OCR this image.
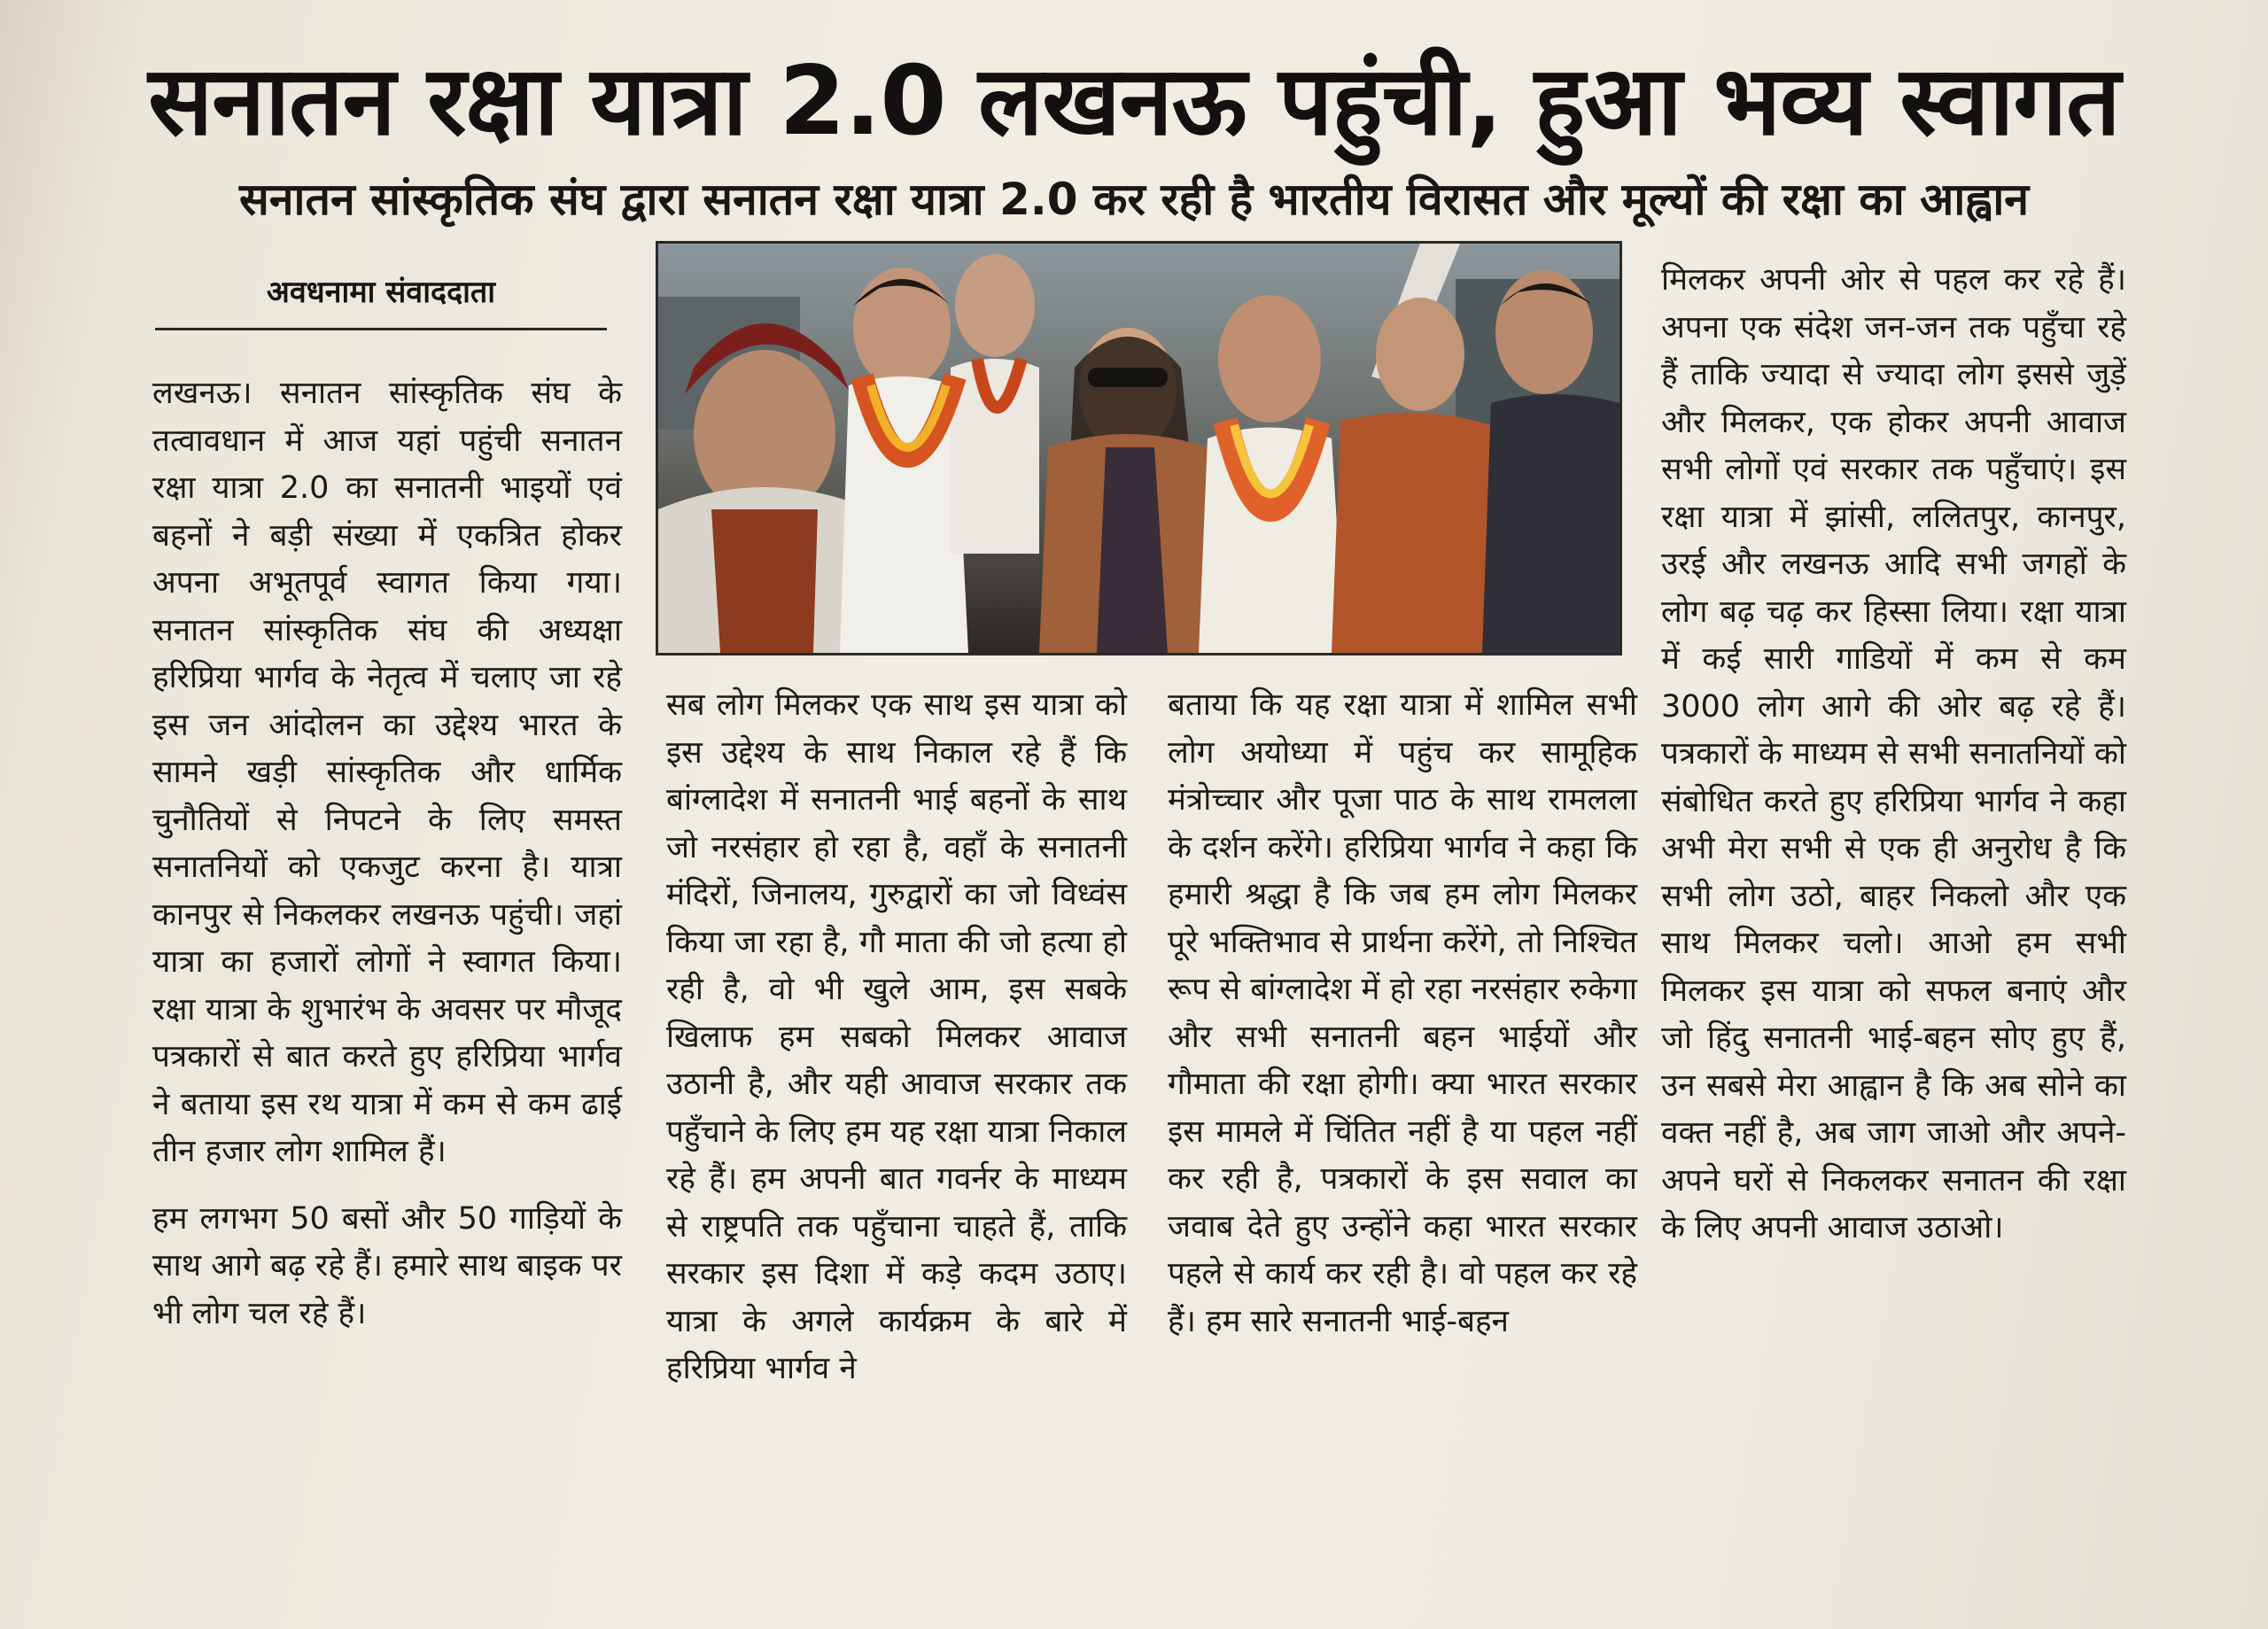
सनातन रक्षा यात्रा 2.0 लखनऊ पहुंची, हुआ भव्य स्वागत
सनातन सांस्कृतिक संघ द्वारा सनातन रक्षा यात्रा 2.0 कर रही है भारतीय विरासत और मूल्यों की रक्षा का आह्वान
अवधनामा संवाददाता

लखनऊ। सनातन सांस्कृतिक संघ के तत्वावधान में आज यहां पहुंची सनातन रक्षा यात्रा 2.0 का सनातनी भाइयों एवं बहनों ने बड़ी संख्या में एकत्रित होकर अपना अभूतपूर्व स्वागत किया गया। सनातन सांस्कृतिक संघ की अध्यक्षा हरिप्रिया भार्गव के नेतृत्व में चलाए जा रहे इस जन आंदोलन का उद्देश्य भारत के सामने खड़ी सांस्कृतिक और धार्मिक चुनौतियों से निपटने के लिए समस्त सनातनियों को एकजुट करना है। यात्रा कानपुर से निकलकर लखनऊ पहुंची। जहां यात्रा का हजारों लोगों ने स्वागत किया। रक्षा यात्रा के शुभारंभ के अवसर पर मौजूद पत्रकारों से बात करते हुए हरिप्रिया भार्गव ने बताया इस रथ यात्रा में कम से कम ढाई तीन हजार लोग शामिल हैं।

हम लगभग 50 बसों और 50 गाड़ियों के साथ आगे बढ़ रहे हैं। हमारे साथ बाइक पर भी लोग चल रहे हैं।

सब लोग मिलकर एक साथ इस यात्रा को इस उद्देश्य के साथ निकाल रहे हैं कि बांग्लादेश में सनातनी भाई बहनों के साथ जो नरसंहार हो रहा है, वहाँ के सनातनी मंदिरों, जिनालय, गुरुद्वारों का जो विध्वंस किया जा रहा है, गौ माता की जो हत्या हो रही है, वो भी खुले आम, इस सबके खिलाफ हम सबको मिलकर आवाज उठानी है, और यही आवाज सरकार तक पहुँचाने के लिए हम यह रक्षा यात्रा निकाल रहे हैं। हम अपनी बात गवर्नर के माध्यम से राष्ट्रपति तक पहुँचाना चाहते हैं, ताकि सरकार इस दिशा में कड़े कदम उठाए। यात्रा के अगले कार्यक्रम के बारे में हरिप्रिया भार्गव ने

बताया कि यह रक्षा यात्रा में शामिल सभी लोग अयोध्या में पहुंच कर सामूहिक मंत्रोच्चार और पूजा पाठ के साथ रामलला के दर्शन करेंगे। हरिप्रिया भार्गव ने कहा कि हमारी श्रद्धा है कि जब हम लोग मिलकर पूरे भक्तिभाव से प्रार्थना करेंगे, तो निश्चित रूप से बांग्लादेश में हो रहा नरसंहार रुकेगा और सभी सनातनी बहन भाईयों और गौमाता की रक्षा होगी। क्या भारत सरकार इस मामले में चिंतित नहीं है या पहल नहीं कर रही है, पत्रकारों के इस सवाल का जवाब देते हुए उन्होंने कहा भारत सरकार पहले से कार्य कर रही है। वो पहल कर रहे हैं। हम सारे सनातनी भाई-बहन

मिलकर अपनी ओर से पहल कर रहे हैं। अपना एक संदेश जन-जन तक पहुँचा रहे हैं ताकि ज्यादा से ज्यादा लोग इससे जुड़ें और मिलकर, एक होकर अपनी आवाज सभी लोगों एवं सरकार तक पहुँचाएं। इस रक्षा यात्रा में झांसी, ललितपुर, कानपुर, उरई और लखनऊ आदि सभी जगहों के लोग बढ़ चढ़ कर हिस्सा लिया। रक्षा यात्रा में कई सारी गाडियों में कम से कम 3000 लोग आगे की ओर बढ़ रहे हैं। पत्रकारों के माध्यम से सभी सनातनियों को संबोधित करते हुए हरिप्रिया भार्गव ने कहा अभी मेरा सभी से एक ही अनुरोध है कि सभी लोग उठो, बाहर निकलो और एक साथ मिलकर चलो। आओ हम सभी मिलकर इस यात्रा को सफल बनाएं और जो हिंदु सनातनी भाई-बहन सोए हुए हैं, उन सबसे मेरा आह्वान है कि अब सोने का वक्त नहीं है, अब जाग जाओ और अपने-अपने घरों से निकलकर सनातन की रक्षा के लिए अपनी आवाज उठाओ।
